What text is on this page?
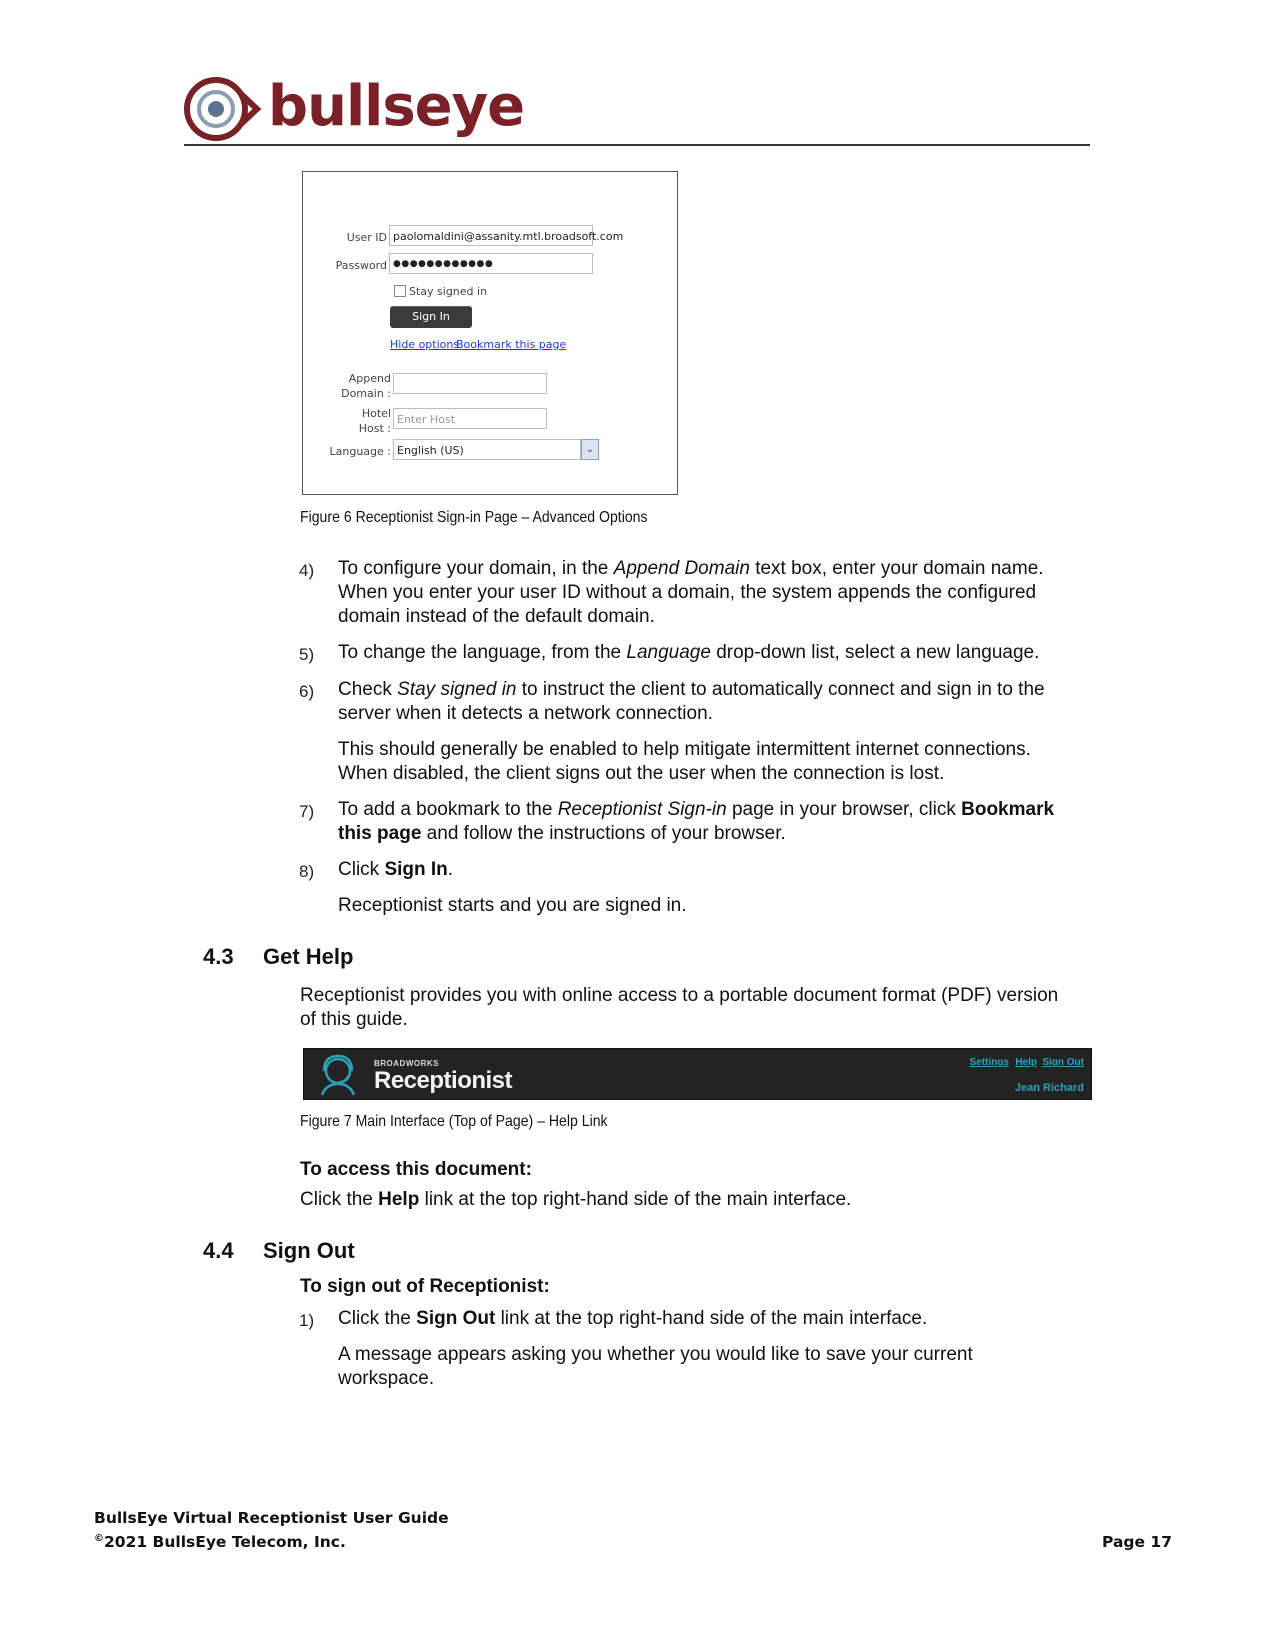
bullseye
User ID paolomaldini@assanity.mtl.broadsoft.com
Password ●●●●●●●●●●●●
Stay signed in
Sign In
Hide options
Bookmark this page
Append
Domain :
Hotel
Host :
Enter Host
Language : English (US)	⌄
Figure 6 Receptionist Sign-in Page – Advanced Options
4) To configure your domain, in the Append Domain text box, enter your domain name.
When you enter your user ID without a domain, the system appends the configured
domain instead of the default domain.
5) To change the language, from the Language drop-down list, select a new language.
6) Check Stay signed in to instruct the client to automatically connect and sign in to the
server when it detects a network connection.
This should generally be enabled to help mitigate intermittent internet connections.
When disabled, the client signs out the user when the connection is lost.
7) To add a bookmark to the Receptionist Sign-in page in your browser, click Bookmark
this page and follow the instructions of your browser.
8) Click Sign In.
Receptionist starts and you are signed in.
4.3 Get Help
Receptionist provides you with online access to a portable document format (PDF) version
of this guide.
BROADWORKS
Receptionist
Settings Help Sign Out
Jean Richard
Figure 7 Main Interface (Top of Page) – Help Link
To access this document:
Click the Help link at the top right-hand side of the main interface.
4.4 Sign Out
To sign out of Receptionist:
1) Click the Sign Out link at the top right-hand side of the main interface.
A message appears asking you whether you would like to save your current
workspace.
BullsEye Virtual Receptionist User Guide
©2021 BullsEye Telecom, Inc.	Page 17
